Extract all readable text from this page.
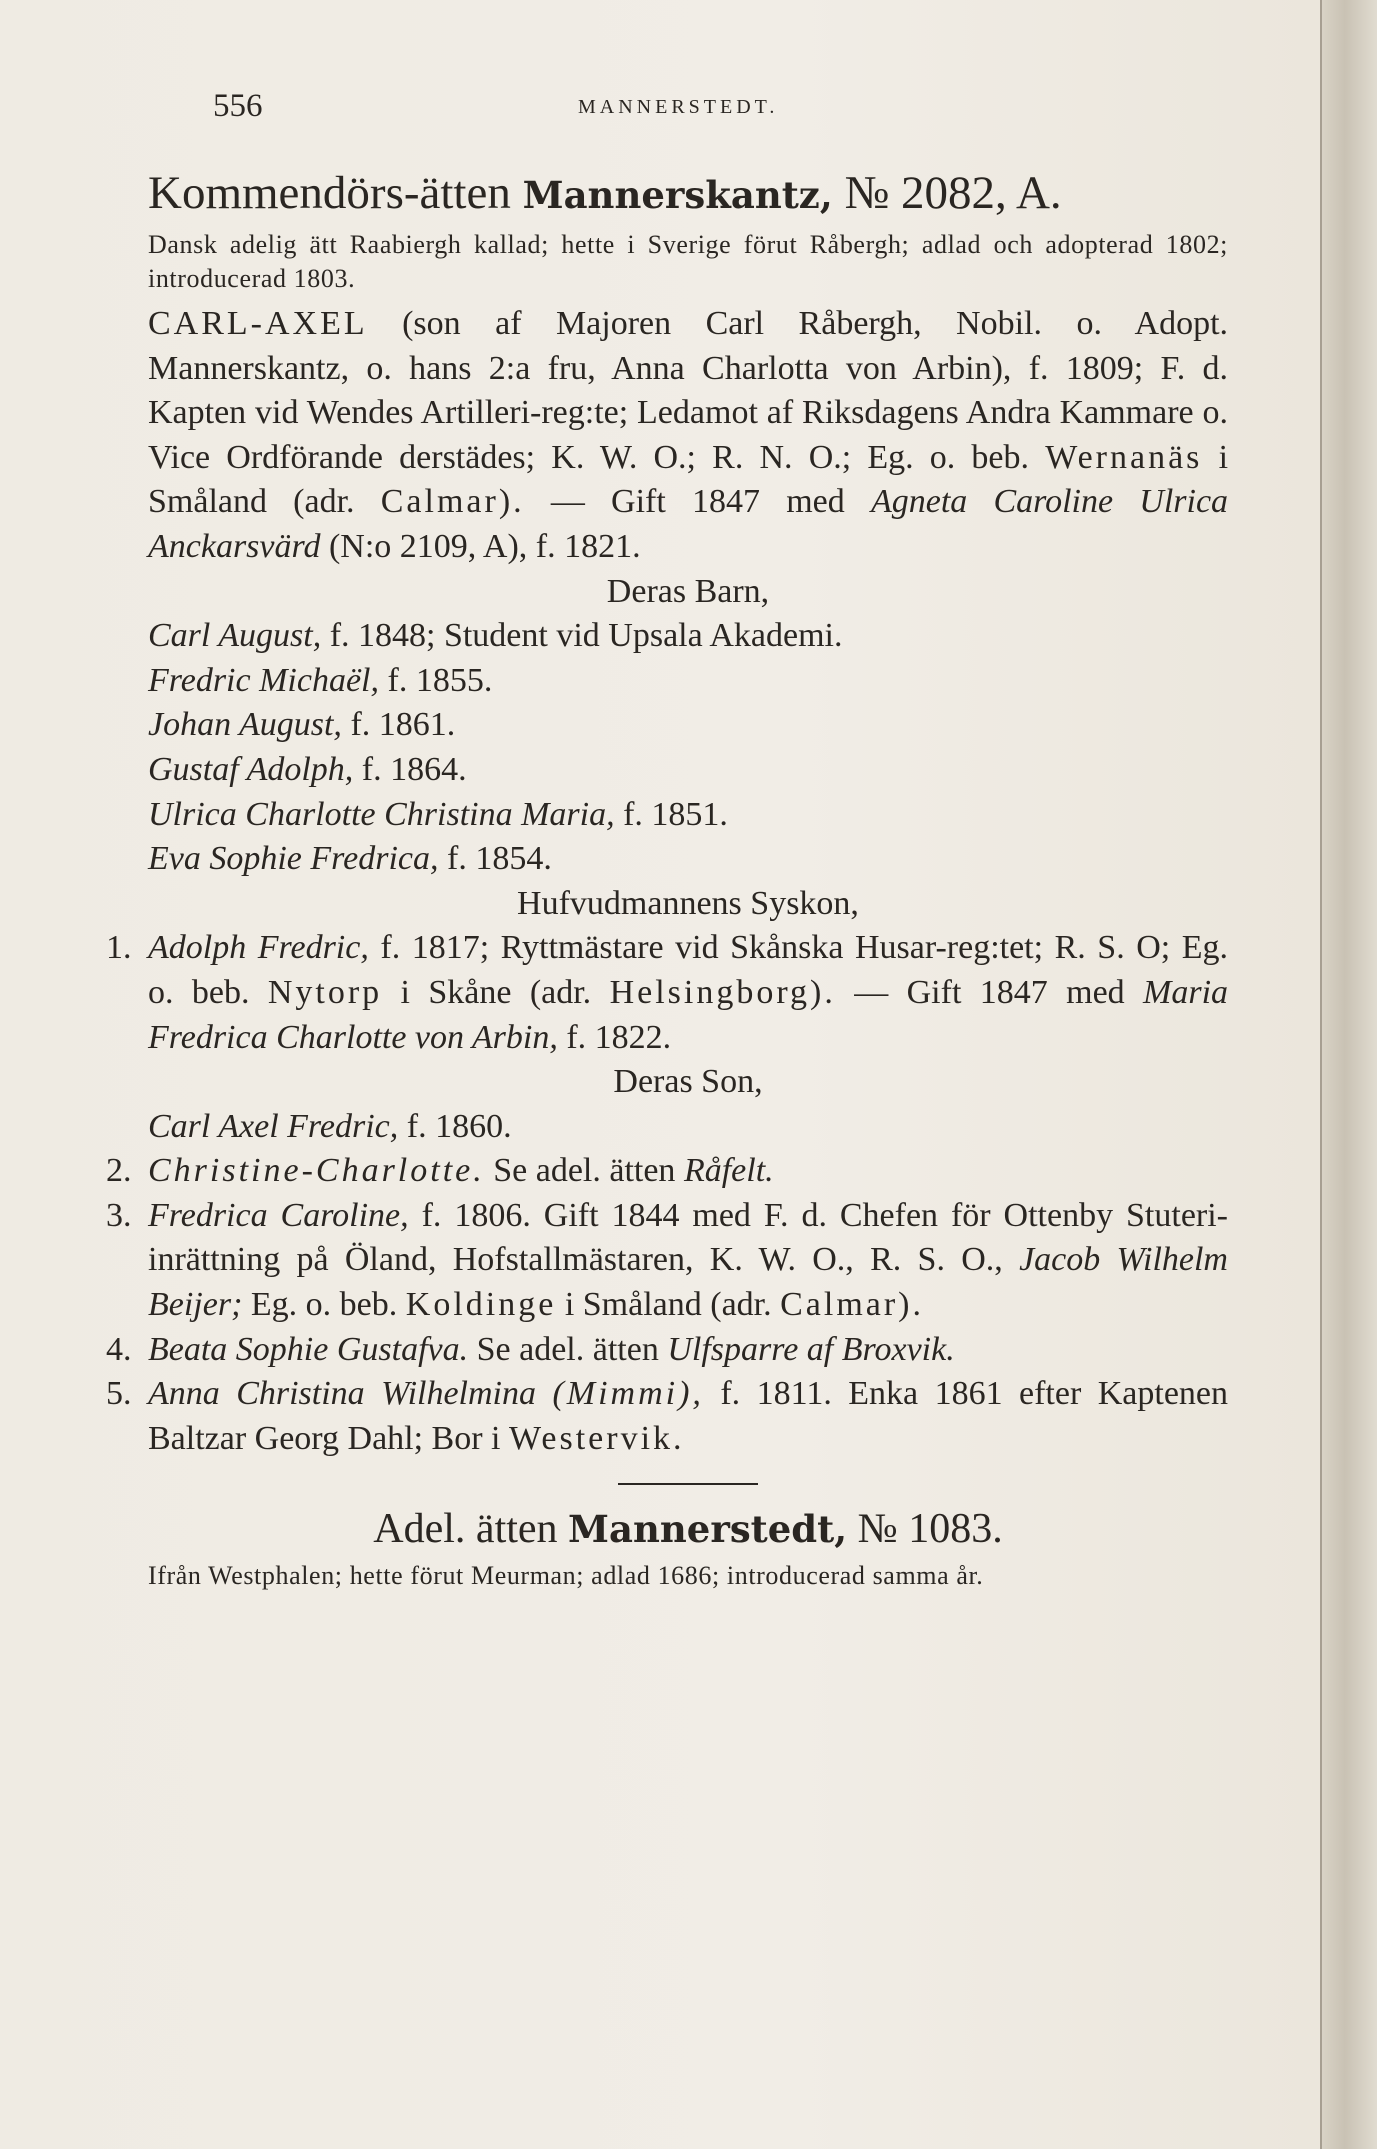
556	MANNERSTEDT.
Kommendörs-ätten Mannerskantz, № 2082, A.
Dansk adelig ätt Raabiergh kallad; hette i Sverige förut Råbergh; adlad och adopterad 1802; introducerad 1803.
CARL-AXEL (son af Majoren Carl Råbergh, Nobil. o. Adopt. Mannerskantz, o. hans 2:a fru, Anna Charlotta von Arbin), f. 1809; F. d. Kapten vid Wendes Artilleri-reg:te; Ledamot af Riksdagens Andra Kammare o. Vice Ordförande derstädes; K. W. O.; R. N. O.; Eg. o. beb. Wernanäs i Småland (adr. Calmar). — Gift 1847 med Agneta Caroline Ulrica Anckarsvärd (N:o 2109, A), f. 1821.
Deras Barn,
Carl August, f. 1848; Student vid Upsala Akademi.
Fredric Michaël, f. 1855.
Johan August, f. 1861.
Gustaf Adolph, f. 1864.
Ulrica Charlotte Christina Maria, f. 1851.
Eva Sophie Fredrica, f. 1854.
Hufvudmannens Syskon,
Adolph Fredric, f. 1817; Ryttmästare vid Skånska Husar-reg:tet; R. S. O; Eg. o. beb. Nytorp i Skåne (adr. Helsingborg). — Gift 1847 med Maria Fredrica Charlotte von Arbin, f. 1822.
Deras Son,
Carl Axel Fredric, f. 1860.
Christine-Charlotte. Se adel. ätten Råfelt.
Fredrica Caroline, f. 1806. Gift 1844 med F. d. Chefen för Ottenby Stuteri-inrättning på Öland, Hofstallmästaren, K. W. O., R. S. O., Jacob Wilhelm Beijer; Eg. o. beb. Koldinge i Småland (adr. Calmar).
Beata Sophie Gustafva. Se adel. ätten Ulfsparre af Broxvik.
Anna Christina Wilhelmina (Mimmi), f. 1811. Enka 1861 efter Kaptenen Baltzar Georg Dahl; Bor i Westervik.
Adel. ätten Mannerstedt, № 1083.
Ifrån Westphalen; hette förut Meurman; adlad 1686; introducerad samma år.
